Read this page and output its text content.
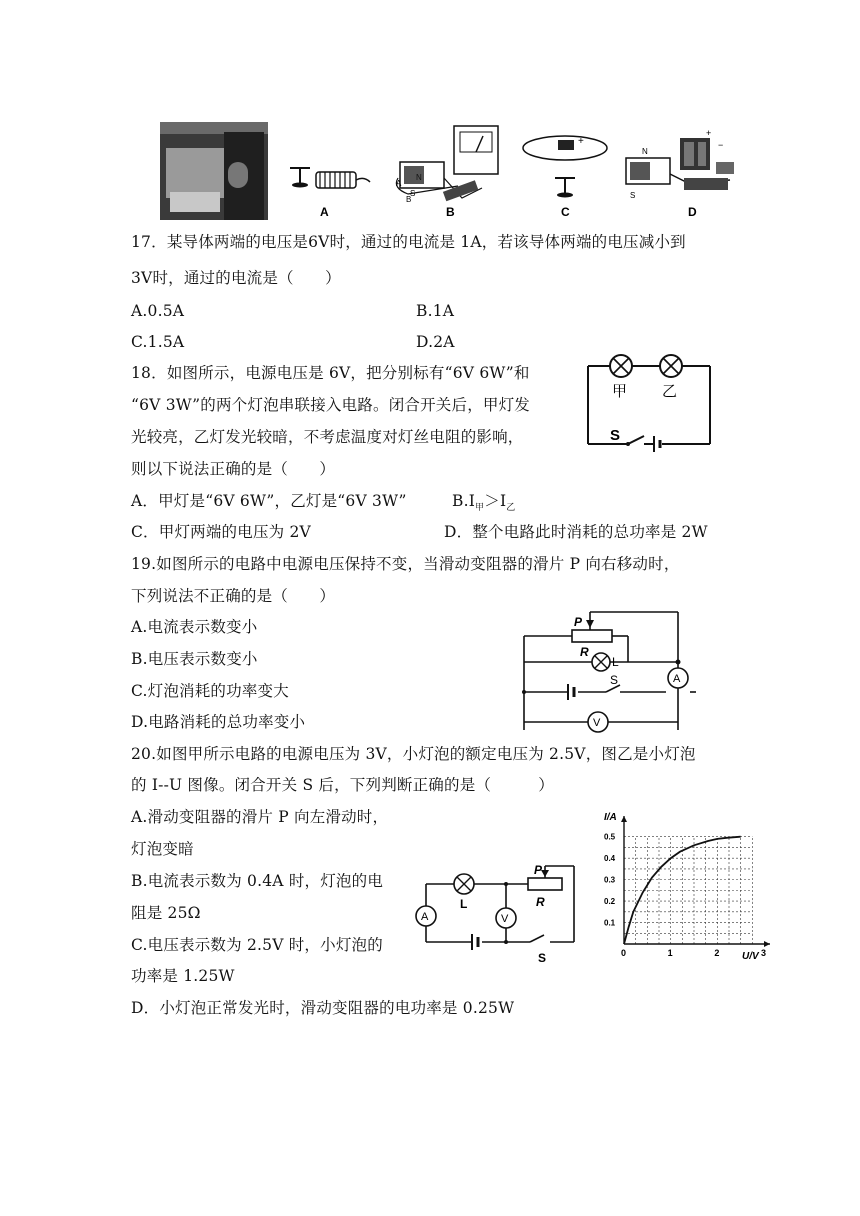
A
N
S
B
A
B
+
C
N
S
+
−
D
17．某导体两端的电压是6V时，通过的电流是 1A，若该导体两端的电压减小到
3V时，通过的电流是（　　）
A.0.5A	B.1A
C.1.5A	D.2A
18．如图所示，电源电压是 6V，把分别标有“6V 6W”和
“6V 3W”的两个灯泡串联接入电路。闭合开关后，甲灯发
光较亮，乙灯发光较暗，不考虑温度对灯丝电阻的影响，
则以下说法正确的是（　　）
A．甲灯是“6V 6W”，乙灯是“6V 3W”	$B.I_甲>I_乙$
C．甲灯两端的电压为 2V	D．整个电路此时消耗的总功率是 2W
甲 乙
S
19.如图所示的电路中电源电压保持不变，当滑动变阻器的滑片 P 向右移动时，
下列说法不正确的是（　　）
A.电流表示数变小
B.电压表示数变小
C.灯泡消耗的功率变大
D.电路消耗的总功率变小
P
R
L
S	A
V
20.如图甲所示电路的电源电压为 3V，小灯泡的额定电压为 2.5V，图乙是小灯泡
的 I--U 图像。闭合开关 S 后，下列判断正确的是（　　　）
A.滑动变阻器的滑片 P 向左滑动时，
灯泡变暗
B.电流表示数为 0.4A 时，灯泡的电
阻是 25Ω
C.电压表示数为 2.5V 时，小灯泡的
功率是 1.25W
D．小灯泡正常发光时，滑动变阻器的电功率是 0.25W
P
R
L
S
A	V
0	1	2	3
0.1
0.2
0.3
0.4
0.5
I/A
U/V
